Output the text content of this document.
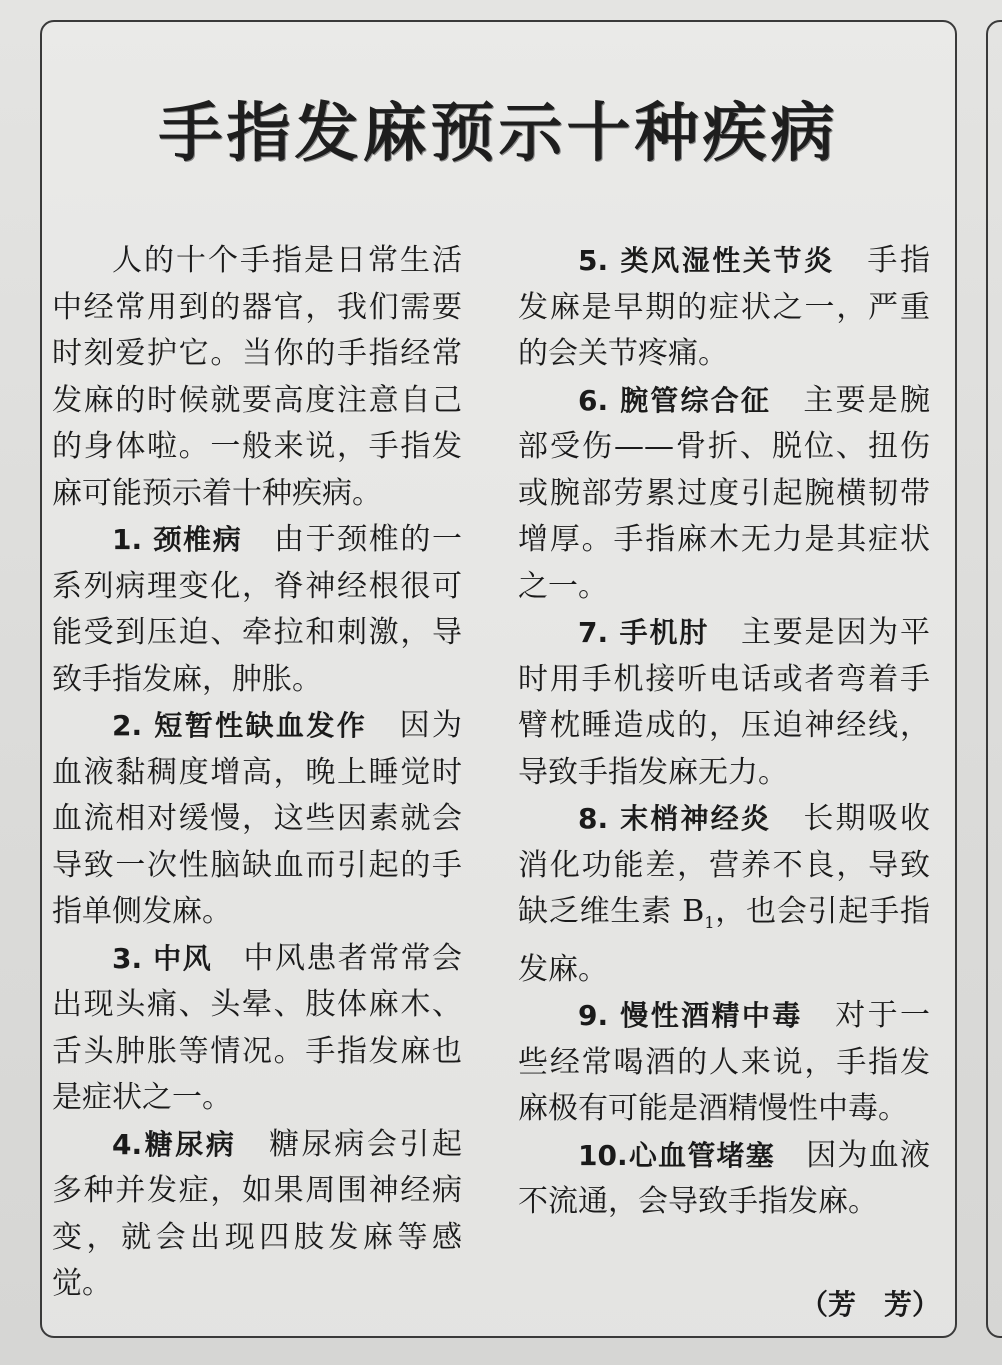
手指发麻预示十种疾病

人的十个手指是日常生活中经常用到的器官，我们需要时刻爱护它。当你的手指经常发麻的时候就要高度注意自己的身体啦。一般来说，手指发麻可能预示着十种疾病。

1. 颈椎病　 由于颈椎的一系列病理变化，脊神经根很可能受到压迫、牵拉和刺激，导致手指发麻，肿胀。

2. 短暂性缺血发作　 因为血液黏稠度增高，晚上睡觉时血流相对缓慢，这些因素就会导致一次性脑缺血而引起的手指单侧发麻。

3. 中风　 中风患者常常会出现头痛、头晕、肢体麻木、舌头肿胀等情况。手指发麻也是症状之一。

4.糖尿病　 糖尿病会引起多种并发症，如果周围神经病变，就会出现四肢发麻等感觉。

5. 类风湿性关节炎　 手指发麻是早期的症状之一，严重的会关节疼痛。

6. 腕管综合征　 主要是腕部受伤——骨折、脱位、扭伤或腕部劳累过度引起腕横韧带增厚。手指麻木无力是其症状之一。

7. 手机肘　 主要是因为平时用手机接听电话或者弯着手臂枕睡造成的，压迫神经线，导致手指发麻无力。

8. 末梢神经炎　 长期吸收消化功能差，营养不良，导致缺乏维生素 $B_1$，也会引起手指发麻。

9. 慢性酒精中毒　 对于一些经常喝酒的人来说，手指发麻极有可能是酒精慢性中毒。

10.心血管堵塞　 因为血液不流通，会导致手指发麻。

（芳　芳）
